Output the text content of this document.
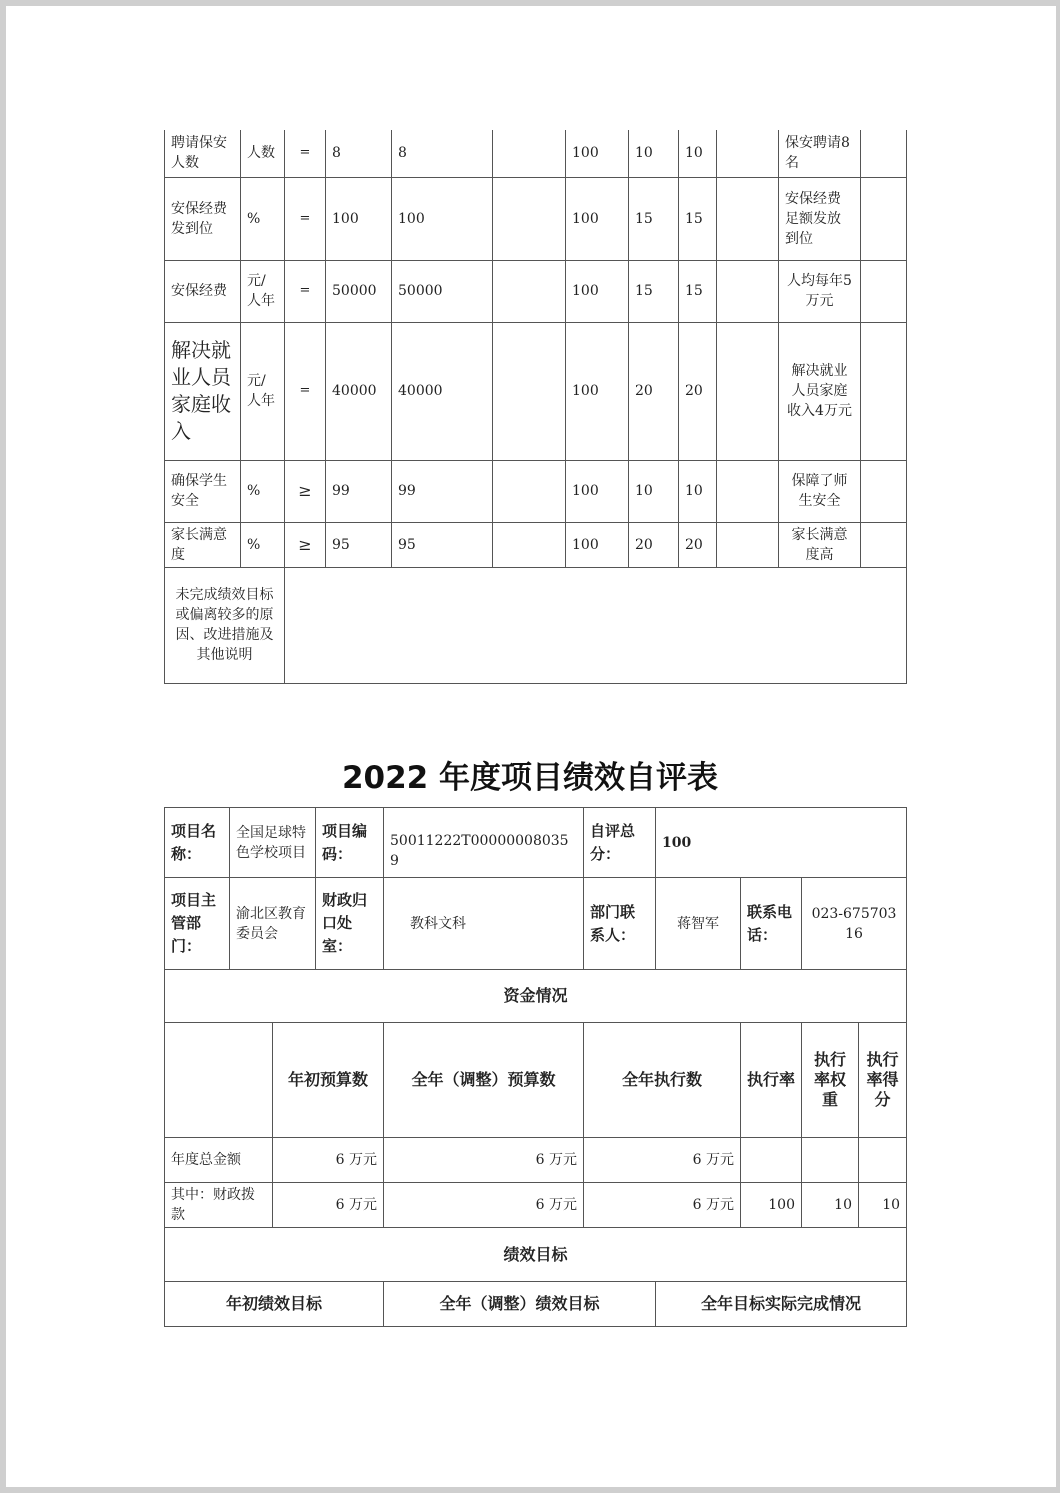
聘请保安人数	人数	=	8	8		100	10	10		保安聘请8名	
安保经费发到位	%	=	100	100		100	15	15		安保经费足额发放到位	
安保经费	元/人年	=	50000	50000		100	15	15		人均每年5万元	
解决就业人员家庭收入	元/人年	=	40000	40000		100	20	20		解决就业人员家庭收入4万元	
确保学生安全	%	≥	99	99		100	10	10		保障了师生安全	
家长满意度	%	≥	95	95		100	20	20		家长满意度高	
未完成绩效目标或偏离较多的原因、改进措施及其他说明											
2022 年度项目绩效自评表
项目名称：	全国足球特色学校项目		项目编码：	50011222T000000080359	自评总分：	100			
项目主管部门：	渝北区教育委员会		财政归口处室：	教科文科	部门联系人：	蒋智军	联系电话：	023-67570316	
资金情况									
		年初预算数		全年（调整）预算数	全年执行数		执行率	执行率权重	执行率得分
年度总金额		6 万元		6 万元	6 万元				
其中：财政拨款		6 万元		6 万元	6 万元		100	10	10
绩效目标									
年初绩效目标				全年（调整）绩效目标		全年目标实际完成情况			
